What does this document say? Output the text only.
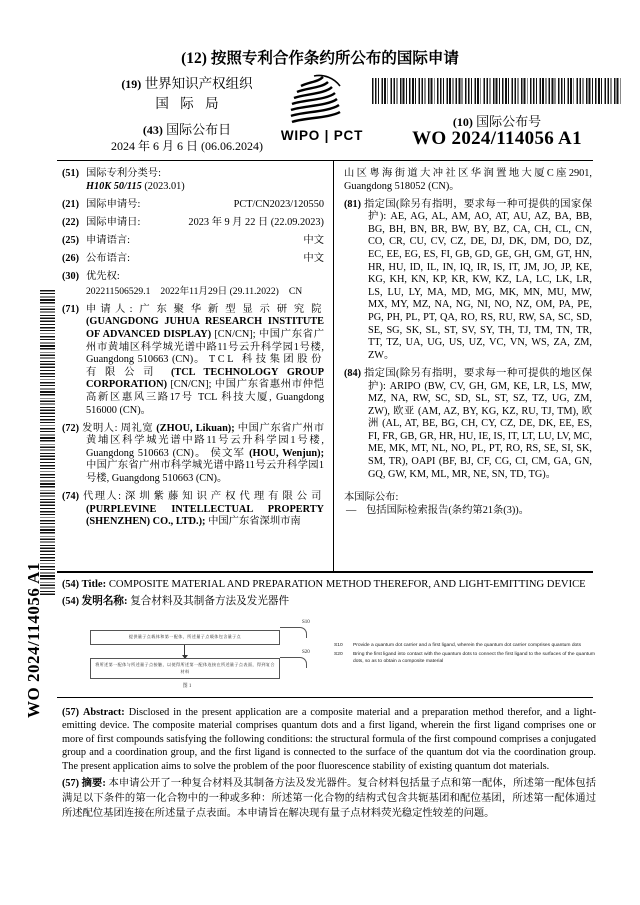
(12) 按照专利合作条约所公布的国际申请
(19) 世界知识产权组织
国 际 局
(43) 国际公布日
2024 年 6 月 6 日 (06.06.2024)
WIPO | PCT
(10) 国际公布号
WO 2024/114056 A1
WO 2024/114056 A1
(51) 国际专利分类号:
H10K 50/115 (2023.01)
(21) 国际申请号:	PCT/CN2023/120550
(22) 国际申请日:	2023 年 9 月 22 日 (22.09.2023)
(25) 申请语言:	中文
(26) 公布语言:	中文
(30) 优先权:
202211506529.1 2022年11月29日 (29.11.2022) CN
(71) 申请人: 广东聚华新型显示研究院 (GUANGDONG JUHUA RESEARCH INSTITUTE OF ADVANCED DISPLAY) [CN/CN]; 中国广东省广州市黄埔区科学城光谱中路11号云升科学园1号楼, Guangdong 510663 (CN)。 TCL 科技集团股份有限公司 (TCL TECHNOLOGY GROUP CORPORATION) [CN/CN]; 中国广东省惠州市仲恺高新区惠风三路17号 TCL 科技大厦, Guangdong 516000 (CN)。
(72) 发明人: 周礼宽 (ZHOU, Likuan); 中国广东省广州市黄埔区科学城光谱中路11号云升科学园1号楼, Guangdong 510663 (CN)。 侯文军 (HOU, Wenjun); 中国广东省广州市科学城光谱中路11号云升科学园1号楼, Guangdong 510663 (CN)。
(74) 代理人: 深圳紫藤知识产权代理有限公司 (PURPLEVINE INTELLECTUAL PROPERTY (SHENZHEN) CO., LTD.); 中国广东省深圳市南
山区粤海街道大冲社区华润置地大厦C座2901, Guangdong 518052 (CN)。
(81) 指定国(除另有指明，要求每一种可提供的国家保护): AE, AG, AL, AM, AO, AT, AU, AZ, BA, BB, BG, BH, BN, BR, BW, BY, BZ, CA, CH, CL, CN, CO, CR, CU, CV, CZ, DE, DJ, DK, DM, DO, DZ, EC, EE, EG, ES, FI, GB, GD, GE, GH, GM, GT, HN, HR, HU, ID, IL, IN, IQ, IR, IS, IT, JM, JO, JP, KE, KG, KH, KN, KP, KR, KW, KZ, LA, LC, LK, LR, LS, LU, LY, MA, MD, MG, MK, MN, MU, MW, MX, MY, MZ, NA, NG, NI, NO, NZ, OM, PA, PE, PG, PH, PL, PT, QA, RO, RS, RU, RW, SA, SC, SD, SE, SG, SK, SL, ST, SV, SY, TH, TJ, TM, TN, TR, TT, TZ, UA, UG, US, UZ, VC, VN, WS, ZA, ZM, ZW。
(84) 指定国(除另有指明，要求每一种可提供的地区保护): ARIPO (BW, CV, GH, GM, KE, LR, LS, MW, MZ, NA, RW, SC, SD, SL, ST, SZ, TZ, UG, ZM, ZW), 欧亚 (AM, AZ, BY, KG, KZ, RU, TJ, TM), 欧洲 (AL, AT, BE, BG, CH, CY, CZ, DE, DK, EE, ES, FI, FR, GB, GR, HR, HU, IE, IS, IT, LT, LU, LV, MC, ME, MK, MT, NL, NO, PL, PT, RO, RS, SE, SI, SK, SM, TR), OAPI (BF, BJ, CF, CG, CI, CM, GA, GN, GQ, GW, KM, ML, MR, NE, SN, TD, TG)。
本国际公布:
— 包括国际检索报告(条约第21条(3))。
(54) Title: COMPOSITE MATERIAL AND PREPARATION METHOD THEREFOR, AND LIGHT-EMITTING DEVICE
(54) 发明名称: 复合材料及其制备方法及发光器件
提供量子点载体和第一配体，所述量子点载体包含量子点
S10
将所述第一配体与所述量子点接触，以使得所述第一配体连接在所述量子点表面，得到复合材料
S20
图 1
S10	Provide a quantum dot carrier and a first ligand, wherein the quantum dot carrier comprises quantum dots
S20	Bring the first ligand into contact with the quantum dots to connect the first ligand to the surfaces of the quantum dots, so as to obtain a composite material
(57) Abstract: Disclosed in the present application are a composite material and a preparation method therefor, and a light-emitting device. The composite material comprises quantum dots and a first ligand, wherein the first ligand comprises one or more of first compounds satisfying the following conditions: the structural formula of the first compound comprises a conjugated group and a coordination group, and the first ligand is connected to the surface of the quantum dot via the coordination group. The present application aims to solve the problem of the poor fluorescence stability of existing quantum dot materials.
(57) 摘要: 本申请公开了一种复合材料及其制备方法及发光器件。复合材料包括量子点和第一配体，所述第一配体包括满足以下条件的第一化合物中的一种或多种：所述第一化合物的结构式包含共轭基团和配位基团，所述第一配体通过所述配位基团连接在所述量子点表面。本申请旨在解决现有量子点材料荧光稳定性较差的问题。
